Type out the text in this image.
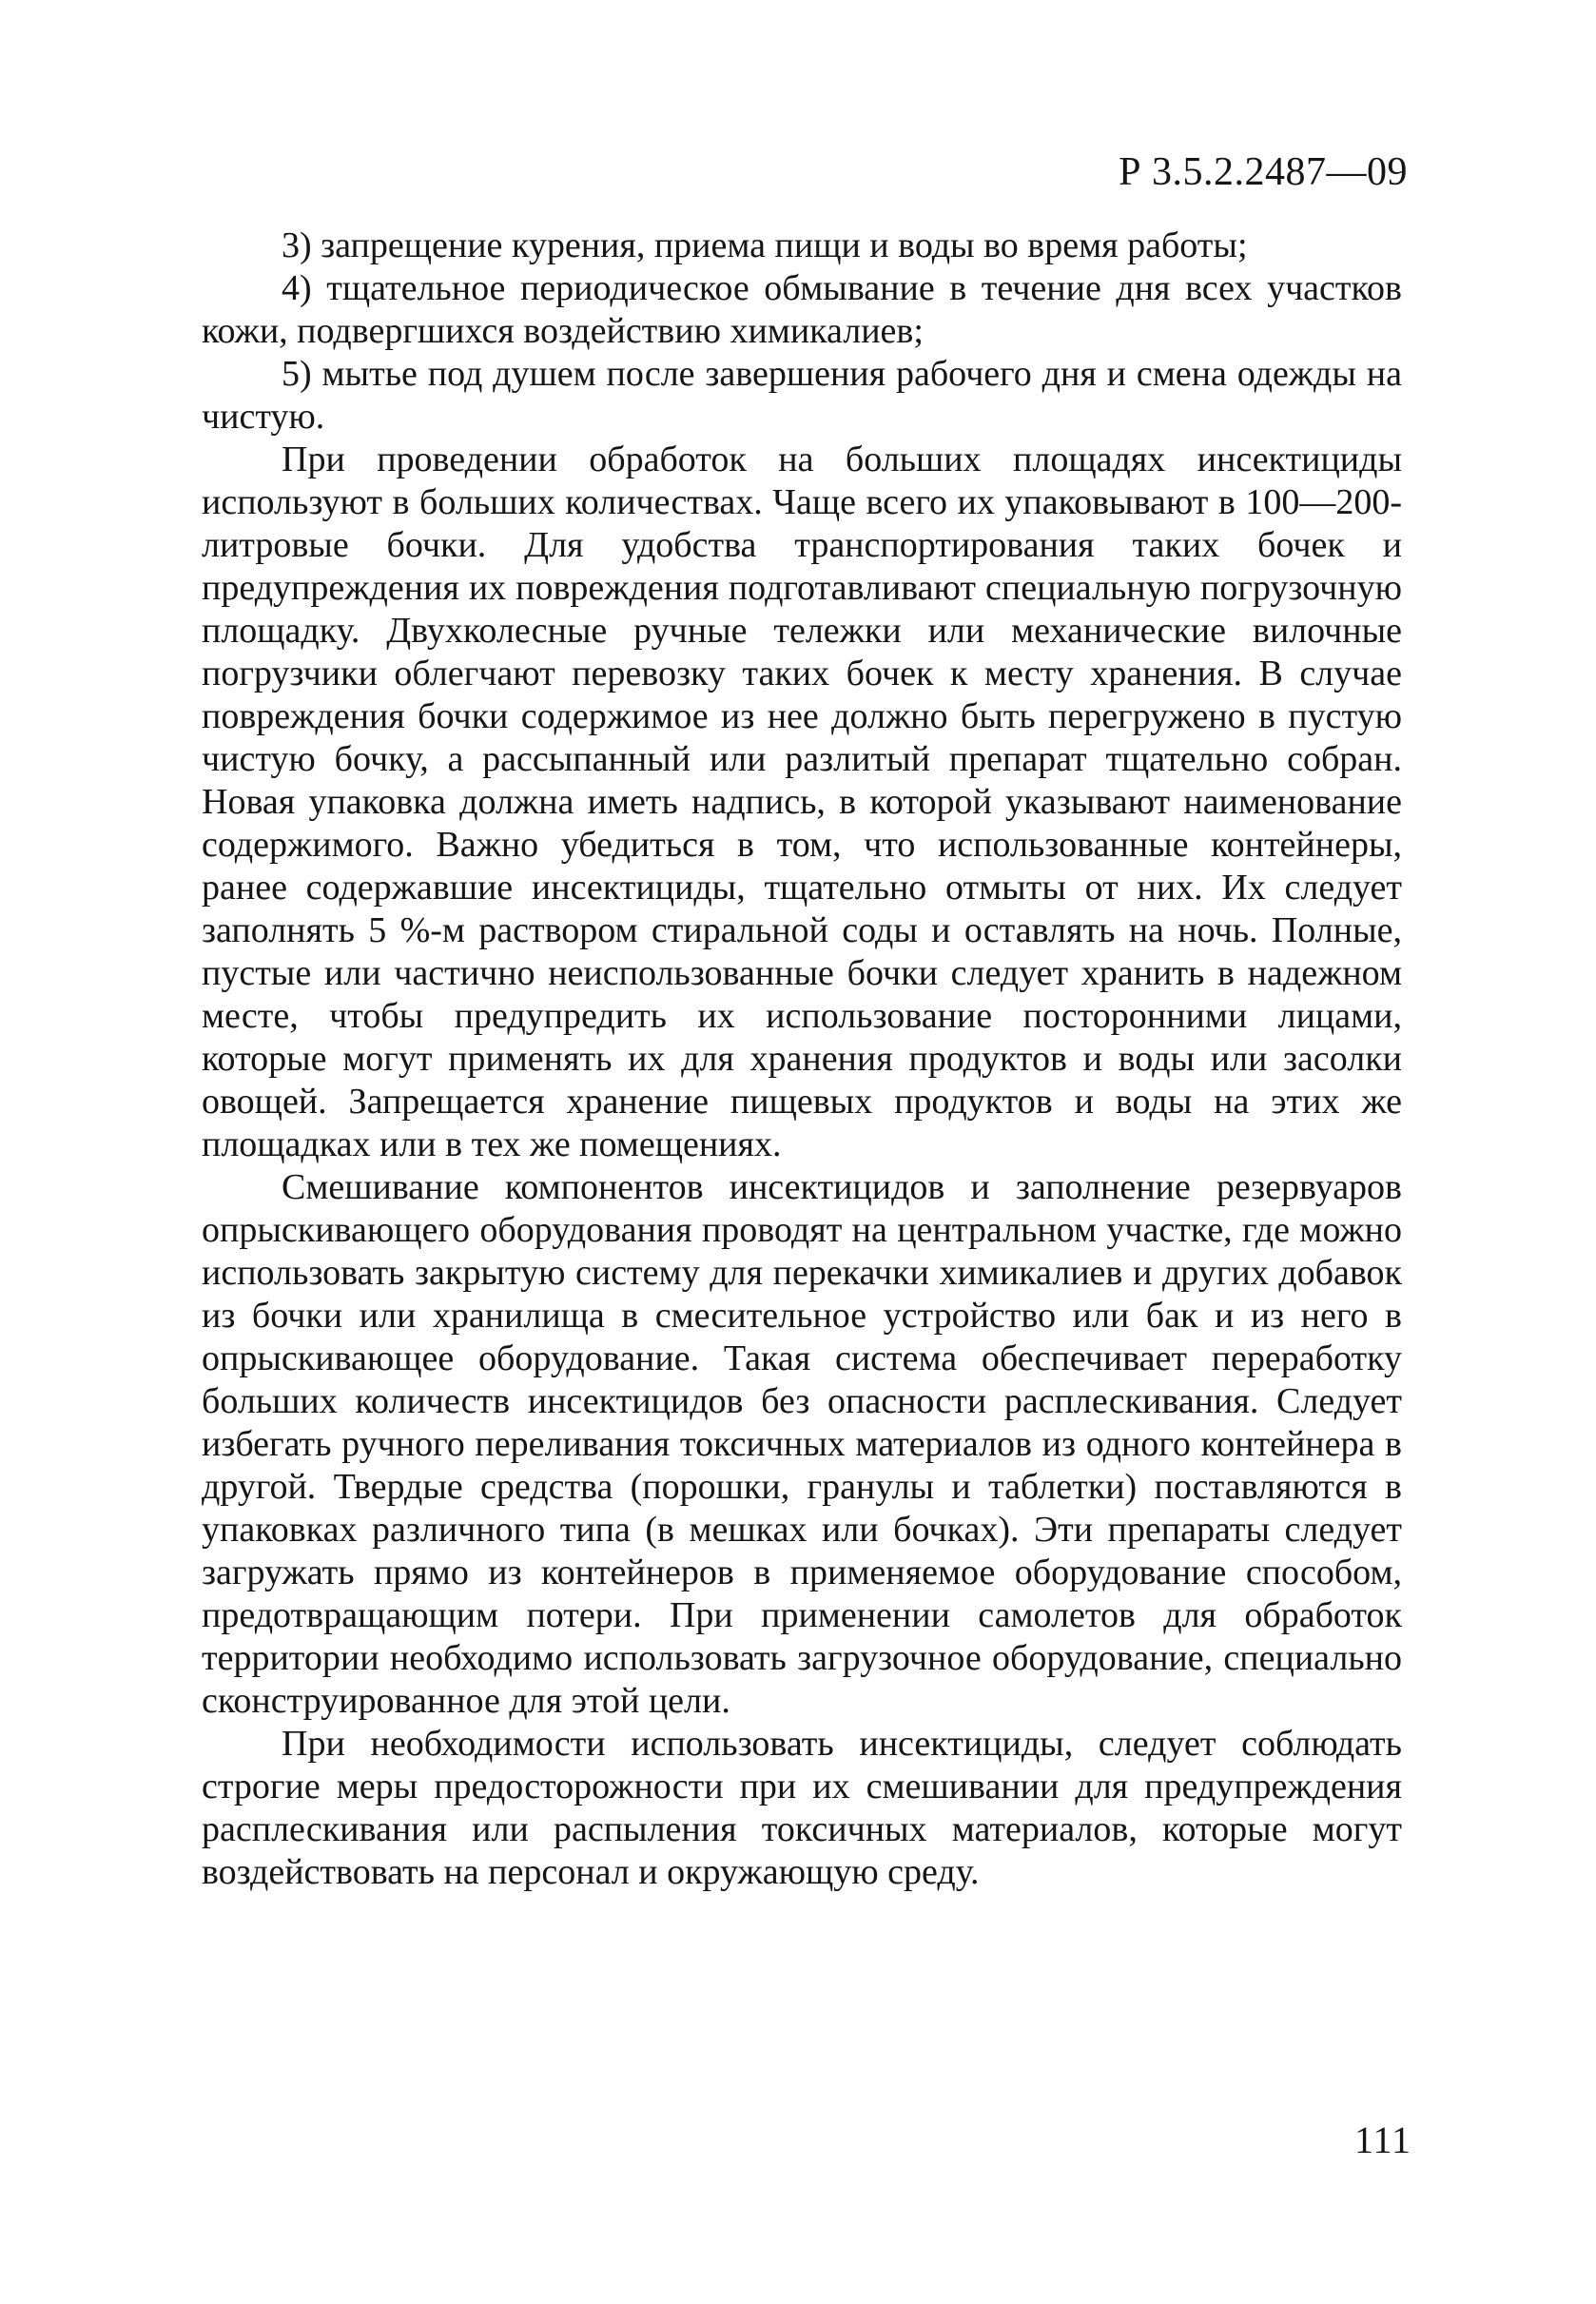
Р 3.5.2.2487—09

3) запрещение курения, приема пищи и воды во время работы;

4) тщательное периодическое обмывание в течение дня всех участков кожи, подвергшихся воздействию химикалиев;

5) мытье под душем после завершения рабочего дня и смена одежды на чистую.

При проведении обработок на больших площадях инсектициды используют в больших количествах. Чаще всего их упаковывают в 100—200-литровые бочки. Для удобства транспортирования таких бочек и предупреждения их повреждения подготавливают специальную погрузочную площадку. Двухколесные ручные тележки или механические вилочные погрузчики облегчают перевозку таких бочек к месту хранения. В случае повреждения бочки содержимое из нее должно быть перегружено в пустую чистую бочку, а рассыпанный или разлитый препарат тщательно собран. Новая упаковка должна иметь надпись, в которой указывают наименование содержимого. Важно убедиться в том, что использованные контейнеры, ранее содержавшие инсектициды, тщательно отмыты от них. Их следует заполнять 5 %-м раствором стиральной соды и оставлять на ночь. Полные, пустые или частично неиспользованные бочки следует хранить в надежном месте, чтобы предупредить их использование посторонними лицами, которые могут применять их для хранения продуктов и воды или засолки овощей. Запрещается хранение пищевых продуктов и воды на этих же площадках или в тех же помещениях.

Смешивание компонентов инсектицидов и заполнение резервуаров опрыскивающего оборудования проводят на центральном участке, где можно использовать закрытую систему для перекачки химикалиев и других добавок из бочки или хранилища в смесительное устройство или бак и из него в опрыскивающее оборудование. Такая система обеспечивает переработку больших количеств инсектицидов без опасности расплескивания. Следует избегать ручного переливания токсичных материалов из одного контейнера в другой. Твердые средства (порошки, гранулы и таблетки) поставляются в упаковках различного типа (в мешках или бочках). Эти препараты следует загружать прямо из контейнеров в применяемое оборудование способом, предотвращающим потери. При применении самолетов для обработок территории необходимо использовать загрузочное оборудование, специально сконструированное для этой цели.

При необходимости использовать инсектициды, следует соблюдать строгие меры предосторожности при их смешивании для предупреждения расплескивания или распыления токсичных материалов, которые могут воздействовать на персонал и окружающую среду.

111
